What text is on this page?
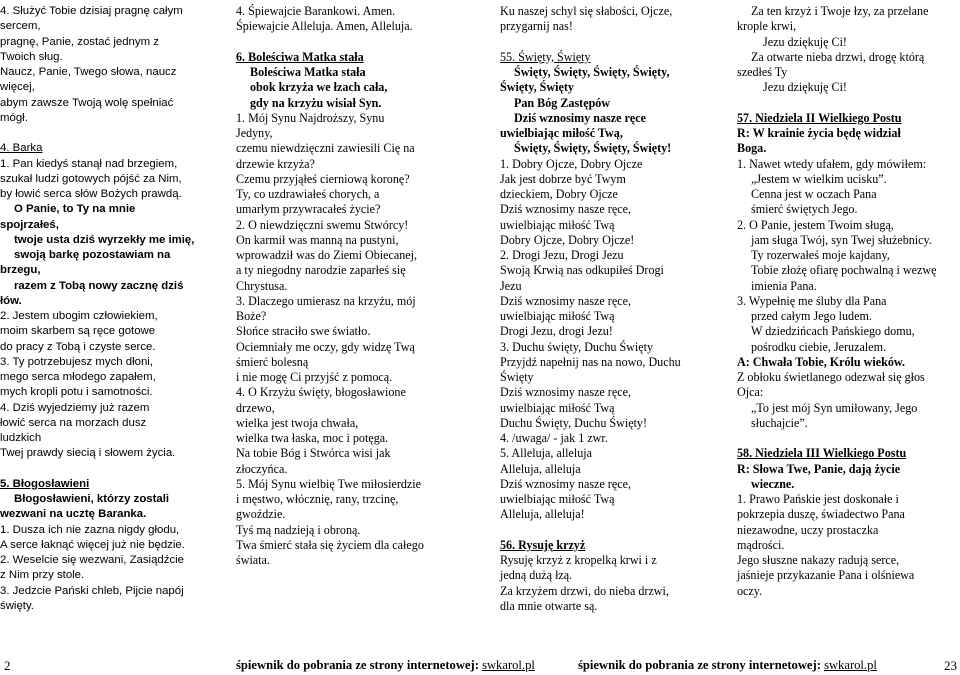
4. Służyć Tobie dzisiaj pragnę całym
sercem,
pragnę, Panie, zostać jednym z
Twoich sług.
Naucz, Panie, Twego słowa, naucz
więcej,
abym zawsze Twoją wolę spełniać
mógł.

4. Barka
1. Pan kiedyś stanął nad brzegiem,
szukał ludzi gotowych pójść za Nim,
by łowić serca słów Bożych prawdą.
O Panie, to Ty na mnie
spojrzałeś,
twoje usta dziś wyrzekły me imię,
swoją barkę pozostawiam na
brzegu,
razem z Tobą nowy zacznę dziś
łów.
2. Jestem ubogim człowiekiem,
moim skarbem są ręce gotowe
do pracy z Tobą i czyste serce.
3. Ty potrzebujesz mych dłoni,
mego serca młodego zapałem,
mych kropli potu i samotności.
4. Dziś wyjedziemy już razem
łowić serca na morzach dusz
ludzkich
Twej prawdy siecią i słowem życia.

5. Błogosławieni
Błogosławieni, którzy zostali
wezwani na ucztę Baranka.
1. Dusza ich nie zazna nigdy głodu,
A serce łaknąć więcej już nie będzie.
2. Weselcie się wezwani, Zasiądźcie
z Nim przy stole.
3. Jedzcie Pański chleb, Pijcie napój
święty.
4. Śpiewajcie Barankowi. Amen.
Śpiewajcie Alleluja. Amen, Alleluja.

6. Boleściwa Matka stała
Boleściwa Matka stała
obok krzyża we łzach cała,
gdy na krzyżu wisiał Syn.
1. Mój Synu Najdroższy, Synu
Jedyny,
czemu niewdzięczni zawiesili Cię na
drzewie krzyża?
Czemu przyjąłeś cierniową koronę?
Ty, co uzdrawiałeś chorych, a
umarłym przywracałeś życie?
2. O niewdzięczni swemu Stwórcy!
On karmił was manną na pustyni,
wprowadził was do Ziemi Obiecanej,
a ty niegodny narodzie zaparłeś się
Chrystusa.
3. Dlaczego umierasz na krzyżu, mój
Boże?
Słońce straciło swe światło.
Ociemniały me oczy, gdy widzę Twą
śmierć bolesną
i nie mogę Ci przyjść z pomocą.
4. O Krzyżu święty, błogosławione
drzewo,
wielka jest twoja chwała,
wielka twa łaska, moc i potęga.
Na tobie Bóg i Stwórca wisi jak
złoczyńca.
5. Mój Synu wielbię Twe miłosierdzie
i męstwo, włócznię, rany, trzcinę,
gwoździe.
Tyś mą nadzieją i obroną.
Twa śmierć stała się życiem dla całego
świata.
Ku naszej schyl się słabości, Ojcze,
przygarnij nas!

55. Święty, Święty
Święty, Święty, Święty, Święty,
Święty, Święty
Pan Bóg Zastępów
Dziś wznosimy nasze ręce
uwielbiając miłość Twą,
Święty, Święty, Święty, Święty!
1. Dobry Ojcze, Dobry Ojcze
Jak jest dobrze być Twym
dzieckiem, Dobry Ojcze
Dziś wznosimy nasze ręce,
uwielbiając miłość Twą
Dobry Ojcze, Dobry Ojcze!
2. Drogi Jezu, Drogi Jezu
Swoją Krwią nas odkupiłeś Drogi
Jezu
Dziś wznosimy nasze ręce,
uwielbiając miłość Twą
Drogi Jezu, drogi Jezu!
3. Duchu święty, Duchu Święty
Przyjdź napełnij nas na nowo, Duchu
Święty
Dziś wznosimy nasze ręce,
uwielbiając miłość Twą
Duchu Święty, Duchu Święty!
4. /uwaga/ - jak 1 zwr.
5. Alleluja, alleluja
Alleluja, alleluja
Dziś wznosimy nasze ręce,
uwielbiając miłość Twą
Alleluja, alleluja!

56. Rysuję krzyż
Rysuję krzyż z kropelką krwi i z
jedną dużą łzą.
Za krzyżem drzwi, do nieba drzwi,
dla mnie otwarte są.
Za ten krzyż i Twoje łzy, za przelane
krople krwi,
Jezu dziękuję Ci!
Za otwarte nieba drzwi, drogę którą
szedłeś Ty
Jezu dziękuję Ci!

57. Niedziela II Wielkiego Postu
R: W krainie życia będę widział
Boga.
1. Nawet wtedy ufałem, gdy mówiłem:
„Jestem w wielkim ucisku”.
Cenna jest w oczach Pana
śmierć świętych Jego.
2. O Panie, jestem Twoim sługą,
jam sługa Twój, syn Twej służebnicy.
Ty rozerwałeś moje kajdany,
Tobie złożę ofiarę pochwalną i wezwę
imienia Pana.
3. Wypełnię me śluby dla Pana
przed całym Jego ludem.
W dziedzińcach Pańskiego domu,
pośrodku ciebie, Jeruzalem.
A: Chwała Tobie, Królu wieków.
Z obłoku świetlanego odezwał się głos
Ojca:
„To jest mój Syn umiłowany, Jego
słuchajcie”.

58. Niedziela III Wielkiego Postu
R: Słowa Twe, Panie, dają życie
wieczne.
1. Prawo Pańskie jest doskonałe i
pokrzepia duszę, świadectwo Pana
niezawodne, uczy prostaczka
mądrości.
Jego słuszne nakazy radują serce,
jaśnieje przykazanie Pana i olśniewa
oczy.
2	śpiewnik do pobrania ze strony internetowej: swkarol.pl	śpiewnik do pobrania ze strony internetowej: swkarol.pl	23
